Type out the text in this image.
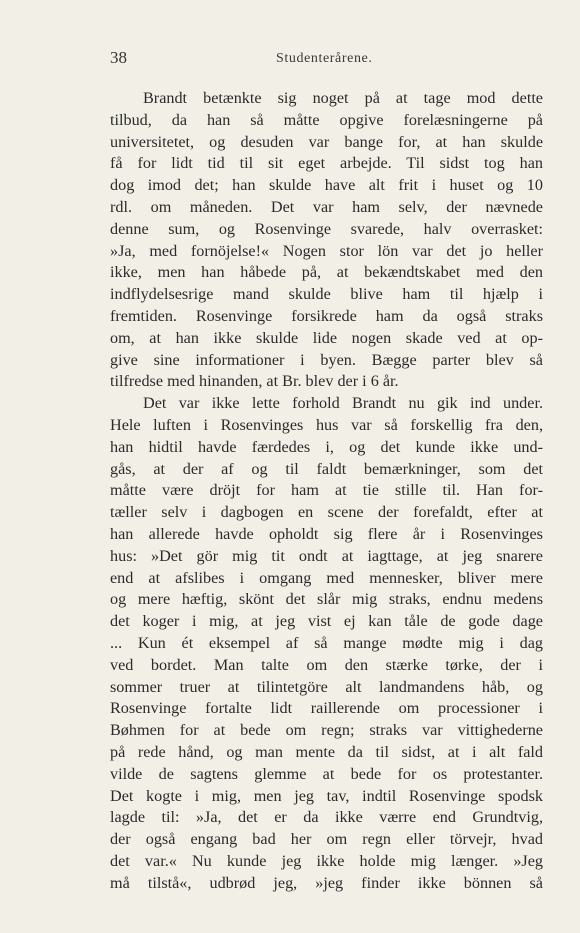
38	Studenterårene.
Brandt betænkte sig noget på at tage mod dette
tilbud, da han så måtte opgive forelæsningerne på
universitetet, og desuden var bange for, at han skulde
få for lidt tid til sit eget arbejde. Til sidst tog han
dog imod det; han skulde have alt frit i huset og 10
rdl. om måneden. Det var ham selv, der nævnede
denne sum, og Rosenvinge svarede, halv overrasket:
»Ja, med fornöjelse!« Nogen stor lön var det jo heller
ikke, men han håbede på, at bekændtskabet med den
indflydelsesrige mand skulde blive ham til hjælp i
fremtiden. Rosenvinge forsikrede ham da også straks
om, at han ikke skulde lide nogen skade ved at op-
give sine informationer i byen. Bægge parter blev så
tilfredse med hinanden, at Br. blev der i 6 år.
Det var ikke lette forhold Brandt nu gik ind under.
Hele luften i Rosenvinges hus var så forskellig fra den,
han hidtil havde færdedes i, og det kunde ikke und-
gås, at der af og til faldt bemærkninger, som det
måtte være dröjt for ham at tie stille til. Han for-
tæller selv i dagbogen en scene der forefaldt, efter at
han allerede havde opholdt sig flere år i Rosenvinges
hus: »Det gör mig tit ondt at iagttage, at jeg snarere
end at afslibes i omgang med mennesker, bliver mere
og mere hæftig, skönt det slår mig straks, endnu medens
det koger i mig, at jeg vist ej kan tåle de gode dage
... Kun ét eksempel af så mange mødte mig i dag
ved bordet. Man talte om den stærke tørke, der i
sommer truer at tilintetgöre alt landmandens håb, og
Rosenvinge fortalte lidt raillerende om processioner i
Bøhmen for at bede om regn; straks var vittighederne
på rede hånd, og man mente da til sidst, at i alt fald
vilde de sagtens glemme at bede for os protestanter.
Det kogte i mig, men jeg tav, indtil Rosenvinge spodsk
lagde til: »Ja, det er da ikke værre end Grundtvig,
der også engang bad her om regn eller törvejr, hvad
det var.« Nu kunde jeg ikke holde mig længer. »Jeg
må tilstå«, udbrød jeg, »jeg finder ikke bönnen så
